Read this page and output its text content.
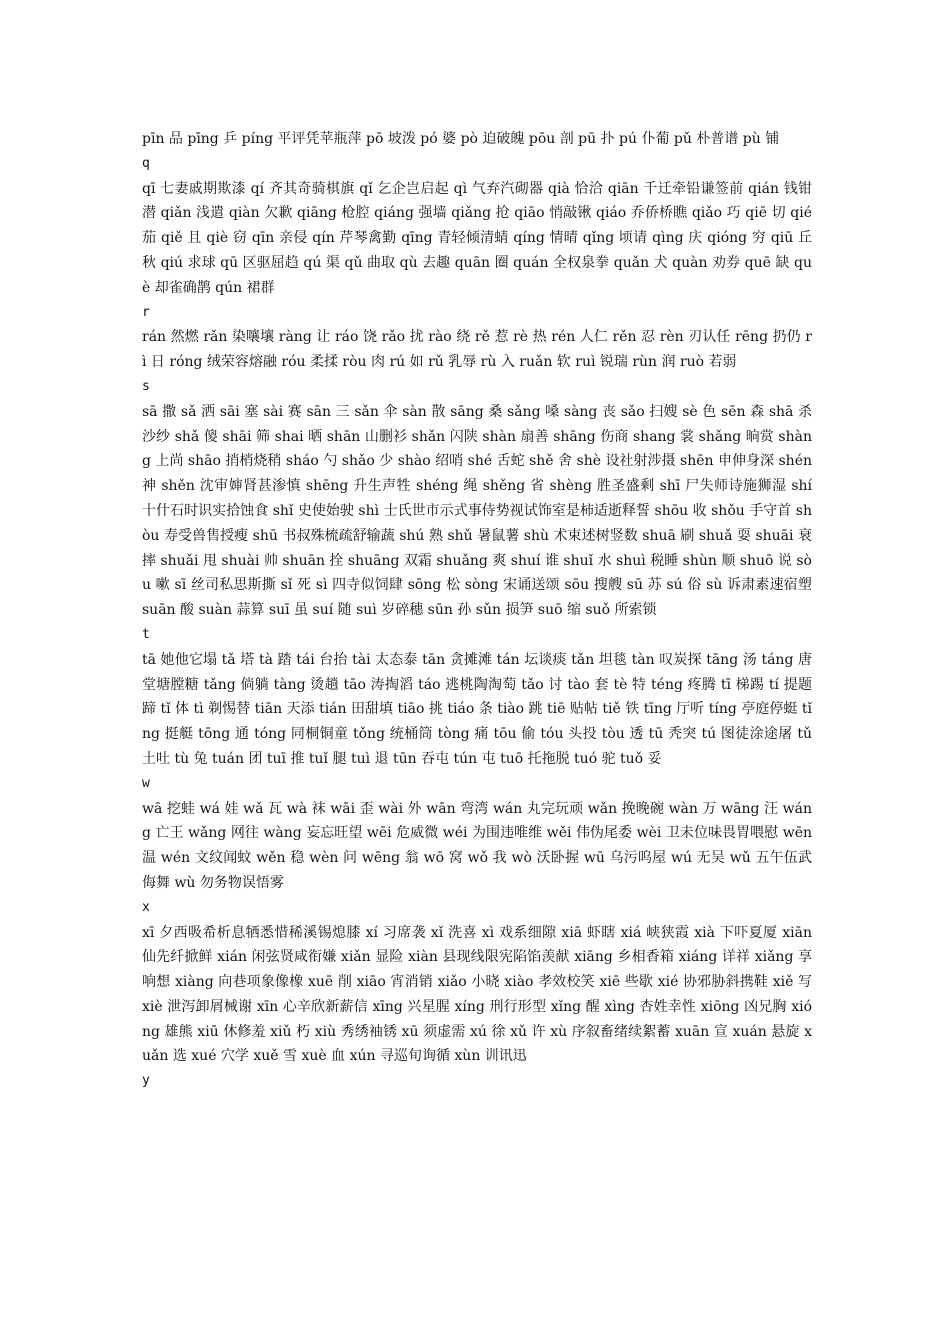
pīn 品 pīng 乒 píng 平评凭苹瓶萍 pō 坡泼 pó 婆 pò 迫破魄 pōu 剖 pū 扑 pú 仆葡 pǔ 朴普谱 pù 铺

q

qī 七妻戚期欺漆 qí 齐其奇骑棋旗 qǐ 乞企岂启起 qì 气弃汽砌器 qià 恰洽 qiān 千迁牵铅谦签前 qián 钱钳潜 qiǎn 浅遣 qiàn 欠歉 qiāng 枪腔 qiáng 强墙 qiǎng 抢 qiāo 悄敲锹 qiáo 乔侨桥瞧 qiǎo 巧 qiē 切 qié 茄 qiě 且 qiè 窃 qīn 亲侵 qín 芹琴禽勤 qīng 青轻倾清蜻 qíng 情晴 qǐng 顷请 qìng 庆 qióng 穷 qiū 丘秋 qiú 求球 qū 区驱屈趋 qú 渠 qǔ 曲取 qù 去趣 quān 圈 quán 全权泉拳 quǎn 犬 quàn 劝券 quē 缺 què 却雀确鹊 qún 裙群

r

rán 然燃 rǎn 染嚷壤 ràng 让 ráo 饶 rǎo 扰 rào 绕 rě 惹 rè 热 rén 人仁 rěn 忍 rèn 刃认任 rēng 扔仍 rì 日 róng 绒荣容熔融 róu 柔揉 ròu 肉 rú 如 rǔ 乳辱 rù 入 ruǎn 软 ruì 锐瑞 rùn 润 ruò 若弱

s

sā 撒 sǎ 洒 sāi 塞 sài 赛 sān 三 sǎn 伞 sàn 散 sāng 桑 sǎng 嗓 sàng 丧 sǎo 扫嫂 sè 色 sēn 森 shā 杀沙纱 shǎ 傻 shāi 筛 shai 晒 shān 山删衫 shǎn 闪陕 shàn 扇善 shāng 伤商 shang 裳 shǎng 晌赏 shàng 上尚 shāo 捎梢烧稍 sháo 勺 shǎo 少 shào 绍哨 shé 舌蛇 shě 舍 shè 设社射涉摄 shēn 申伸身深 shén 神 shěn 沈审婶肾甚渗慎 shēng 升生声牲 shéng 绳 shěng 省 shèng 胜圣盛剩 shī 尸失师诗施狮湿 shí 十什石时识实拾蚀食 shǐ 史使始驶 shì 士氏世市示式事侍势视试饰室是柿适逝释誓 shōu 收 shǒu 手守首 shòu 寿受兽售授瘦 shū 书叔殊梳疏舒输蔬 shú 熟 shǔ 暑鼠薯 shù 术束述树竖数 shuā 刷 shuǎ 耍 shuāi 衰摔 shuǎi 甩 shuài 帅 shuān 拴 shuāng 双霜 shuǎng 爽 shuí 谁 shuǐ 水 shuì 税睡 shùn 顺 shuō 说 sòu 嗽 sī 丝司私思斯撕 sǐ 死 sì 四寺似饲肆 sōng 松 sòng 宋诵送颂 sōu 搜艘 sū 苏 sú 俗 sù 诉肃素速宿塑 suān 酸 suàn 蒜算 suī 虽 suí 随 suì 岁碎穗 sūn 孙 sǔn 损笋 suō 缩 suǒ 所索锁

t

tā 她他它塌 tǎ 塔 tà 踏 tái 台抬 tài 太态泰 tān 贪摊滩 tán 坛谈痰 tǎn 坦毯 tàn 叹炭探 tāng 汤 táng 唐堂塘膛糖 tǎng 倘躺 tàng 烫趟 tāo 涛掏滔 táo 逃桃陶淘萄 tǎo 讨 tào 套 tè 特 téng 疼腾 tī 梯踢 tí 提题蹄 tǐ 体 tì 剃惕替 tiān 天添 tián 田甜填 tiāo 挑 tiáo 条 tiào 跳 tiē 贴帖 tiě 铁 tīng 厅听 tíng 亭庭停蜓 tǐng 挺艇 tōng 通 tóng 同桐铜童 tǒng 统桶筒 tòng 痛 tōu 偷 tóu 头投 tòu 透 tū 秃突 tú 图徒涂途屠 tǔ 土吐 tù 兔 tuán 团 tuī 推 tuǐ 腿 tuì 退 tūn 吞屯 tún 屯 tuō 托拖脱 tuó 驼 tuǒ 妥

w

wā 挖蛙 wá 娃 wǎ 瓦 wà 袜 wāi 歪 wài 外 wān 弯湾 wán 丸完玩顽 wǎn 挽晚碗 wàn 万 wāng 汪 wáng 亡王 wǎng 网往 wàng 妄忘旺望 wēi 危威微 wéi 为围违唯维 wěi 伟伪尾委 wèi 卫未位味畏胃喂慰 wēn 温 wén 文纹闻蚊 wěn 稳 wèn 问 wēng 翁 wō 窝 wǒ 我 wò 沃卧握 wū 乌污呜屋 wú 无吴 wǔ 五午伍武侮舞 wù 勿务物误悟雾

x

xī 夕西吸希析息牺悉惜稀溪锡熄膝 xí 习席袭 xǐ 洗喜 xì 戏系细隙 xiā 虾瞎 xiá 峡狭霞 xià 下吓夏厦 xiān 仙先纤掀鲜 xián 闲弦贤咸衔嫌 xiǎn 显险 xiàn 县现线限宪陷馅羡献 xiāng 乡相香箱 xiáng 详祥 xiǎng 享响想 xiàng 向巷项象像橡 xuē 削 xiāo 宵消销 xiǎo 小晓 xiào 孝效校笑 xiē 些歇 xié 协邪胁斜携鞋 xiě 写 xiè 泄泻卸屑械谢 xīn 心辛欣新薪信 xīng 兴星腥 xíng 刑行形型 xǐng 醒 xìng 杏姓幸性 xiōng 凶兄胸 xióng 雄熊 xiū 休修羞 xiǔ 朽 xiù 秀绣袖锈 xū 须虚需 xú 徐 xǔ 许 xù 序叙畜绪续絮蓄 xuān 宣 xuán 悬旋 xuǎn 选 xué 穴学 xuě 雪 xuè 血 xún 寻巡旬询循 xùn 训讯迅

y
